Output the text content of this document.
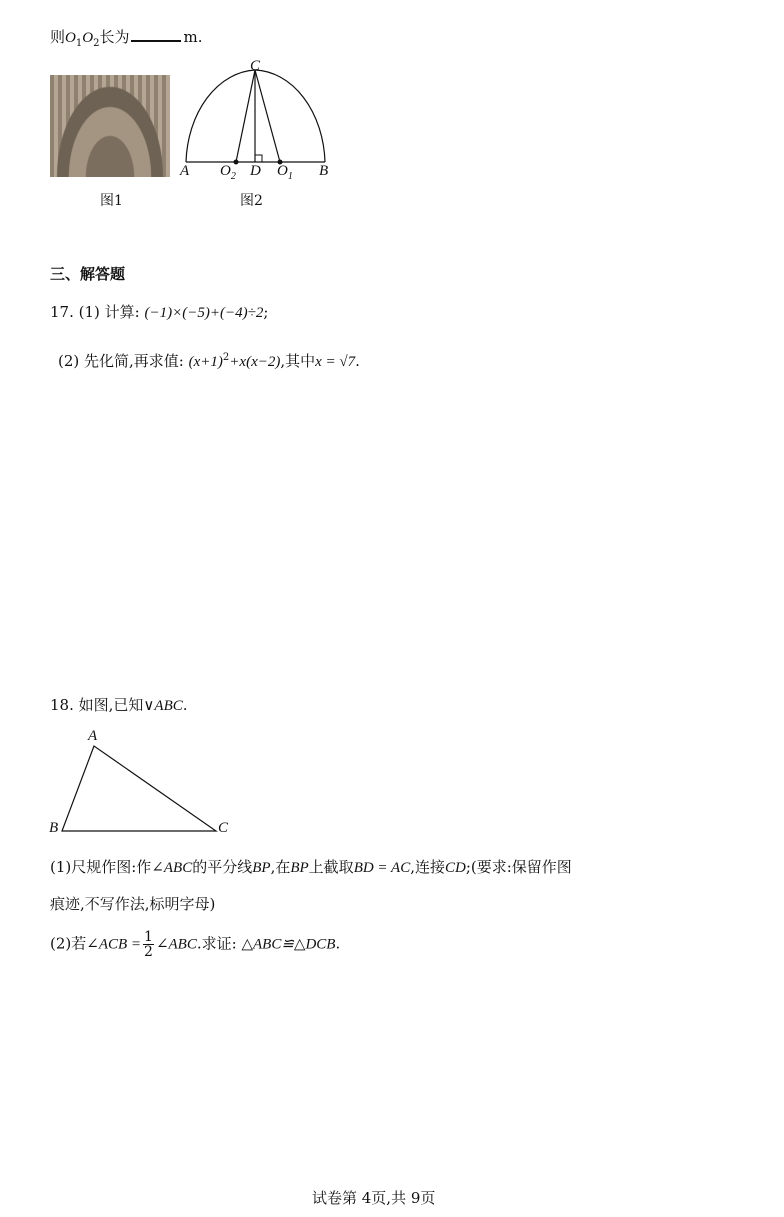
则$O_1O_2$长为	m.
图1
C
A $O_2$ D $O_1$ B
图2
三、解答题
17. (1) 计算: (−1)×(−5)+(−4)÷2;
(2) 先化简,再求值: $(x+1)^2+x(x-2)$,其中x = √7.
18. 如图,已知∨ABC.
A
B	C
(1)尺规作图:作∠ABC的平分线BP,在BP上截取BD = AC,连接CD;(要求:保留作图
痕迹,不写作法,标明字母)
(2)若∠ACB = $\frac{1}{2}$ ∠ABC.求证: △ABC≌△DCB.
试卷第 4页,共 9页
